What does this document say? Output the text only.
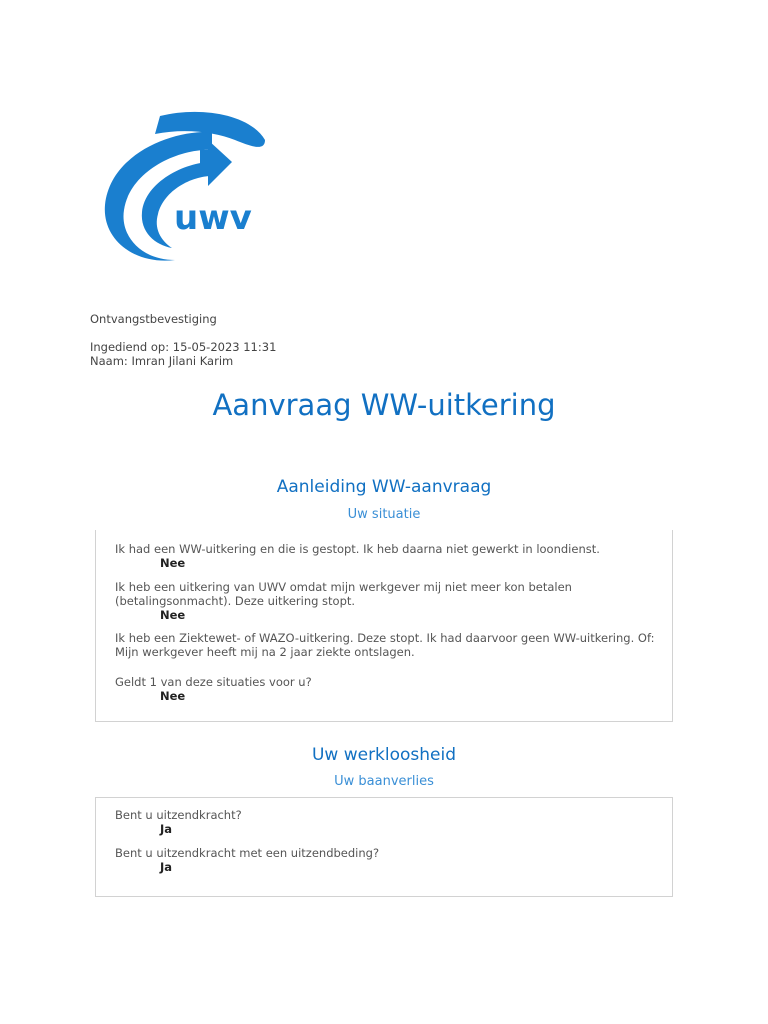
uwv
Ontvangstbevestiging
Ingediend op: 15-05-2023 11:31
Naam: Imran Jilani Karim
Aanvraag WW-uitkering
Aanleiding WW-aanvraag
Uw situatie

Ik had een WW-uitkering en die is gestopt. Ik heb daarna niet gewerkt in loondienst.

Nee

Ik heb een uitkering van UWV omdat mijn werkgever mij niet meer kon betalen (betalingsonmacht). Deze uitkering stopt.

Nee

Ik heb een Ziektewet- of WAZO-uitkering. Deze stopt. Ik had daarvoor geen WW-uitkering. Of: Mijn werkgever heeft mij na 2 jaar ziekte ontslagen.

Geldt 1 van deze situaties voor u?

Nee

Uw werkloosheid
Uw baanverlies

Bent u uitzendkracht?

Ja

Bent u uitzendkracht met een uitzendbeding?

Ja
